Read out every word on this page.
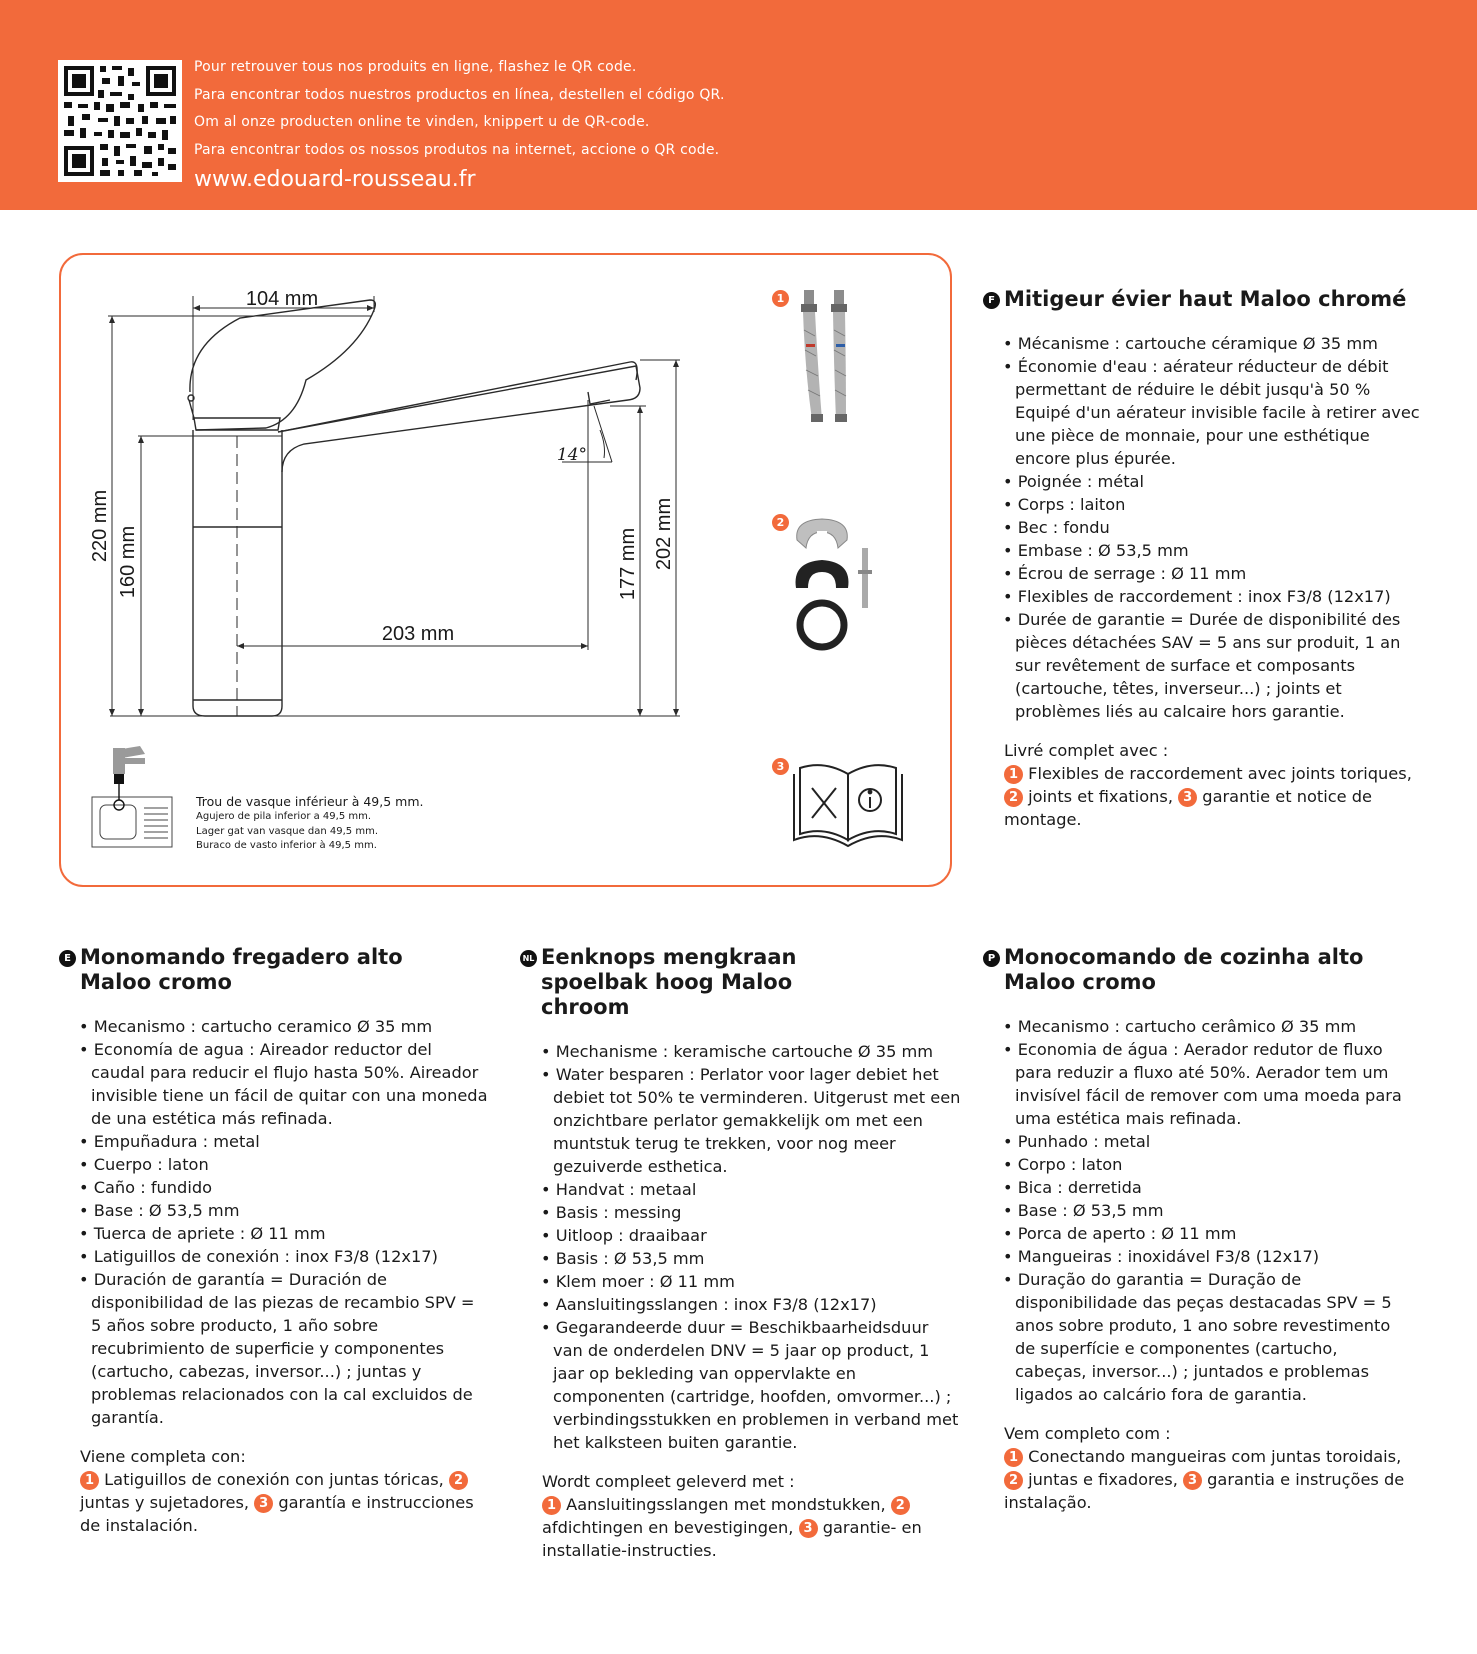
Pour retrouver tous nos produits en ligne, flashez le QR code.
Para encontrar todos nuestros productos en línea, destellen el código QR.
Om al onze producten online te vinden, knippert u de QR-code.
Para encontrar todos os nossos produtos na internet, accione o QR code.
www.edouard-rousseau.fr
104 mm
220 mm 160 mm
203 mm
177 mm 202 mm
14°
1
2
3
Trou de vasque inférieur à 49,5 mm.
Agujero de pila inferior a 49,5 mm.
Lager gat van vasque dan 49,5 mm.
Buraco de vasto inferior à 49,5 mm.
F Mitigeur évier haut Maloo chromé
• Mécanisme : cartouche céramique Ø 35 mm
• Économie d'eau : aérateur réducteur de débit permettant de réduire le débit jusqu'à 50 % Equipé d'un aérateur invisible facile à retirer avec une pièce de monnaie, pour une esthétique encore plus épurée.
• Poignée : métal
• Corps : laiton
• Bec : fondu
• Embase : Ø 53,5 mm
• Écrou de serrage : Ø 11 mm
• Flexibles de raccordement : inox F3/8 (12x17)
• Durée de garantie = Durée de disponibilité des pièces détachées SAV = 5 ans sur produit, 1 an sur revêtement de surface et composants (cartouche, têtes, inverseur...) ; joints et problèmes liés au calcaire hors garantie.
Livré complet avec :
1 Flexibles de raccordement avec joints toriques, 2 joints et fixations, 3 garantie et notice de montage.
E Monomando fregadero alto Maloo cromo
• Mecanismo : cartucho ceramico Ø 35 mm
• Economía de agua : Aireador reductor del caudal para reducir el flujo hasta 50%. Aireador invisible tiene un fácil de quitar con una moneda de una estética más refinada.
• Empuñadura : metal
• Cuerpo : laton
• Caño : fundido
• Base : Ø 53,5 mm
• Tuerca de apriete : Ø 11 mm
• Latiguillos de conexión : inox F3/8 (12x17)
• Duración de garantía = Duración de disponibilidad de las piezas de recambio SPV = 5 años sobre producto, 1 año sobre recubrimiento de superficie y componentes (cartucho, cabezas, inversor...) ; juntas y problemas relacionados con la cal excluidos de garantía.
Viene completa con:
1 Latiguillos de conexión con juntas tóricas, 2 juntas y sujetadores, 3 garantía e instrucciones de instalación.
NL Eenknops mengkraan spoelbak hoog Maloo chroom
• Mechanisme : keramische cartouche Ø 35 mm
• Water besparen : Perlator voor lager debiet het debiet tot 50% te verminderen. Uitgerust met een onzichtbare perlator gemakkelijk om met een muntstuk terug te trekken, voor nog meer gezuiverde esthetica.
• Handvat : metaal
• Basis : messing
• Uitloop : draaibaar
• Basis : Ø 53,5 mm
• Klem moer : Ø 11 mm
• Aansluitingsslangen : inox F3/8 (12x17)
• Gegarandeerde duur = Beschikbaarheidsduur van de onderdelen DNV = 5 jaar op product, 1 jaar op bekleding van oppervlakte en componenten (cartridge, hoofden, omvormer...) ; verbindingsstukken en problemen in verband met het kalksteen buiten garantie.
Wordt compleet geleverd met :
1 Aansluitingsslangen met mondstukken, 2 afdichtingen en bevestigingen, 3 garantie- en installatie-instructies.
P Monocomando de cozinha alto Maloo cromo
• Mecanismo : cartucho cerâmico Ø 35 mm
• Economia de água : Aerador redutor de fluxo para reduzir a fluxo até 50%. Aerador tem um invisível fácil de remover com uma moeda para uma estética mais refinada.
• Punhado : metal
• Corpo : laton
• Bica : derretida
• Base : Ø 53,5 mm
• Porca de aperto : Ø 11 mm
• Mangueiras : inoxidável F3/8 (12x17)
• Duração do garantia = Duração de disponibilidade das peças destacadas SPV = 5 anos sobre produto, 1 ano sobre revestimento de superfície e componentes (cartucho, cabeças, inversor...) ; juntados e problemas ligados ao calcário fora de garantia.
Vem completo com :
1 Conectando mangueiras com juntas toroidais, 2 juntas e fixadores, 3 garantia e instruções de instalação.
